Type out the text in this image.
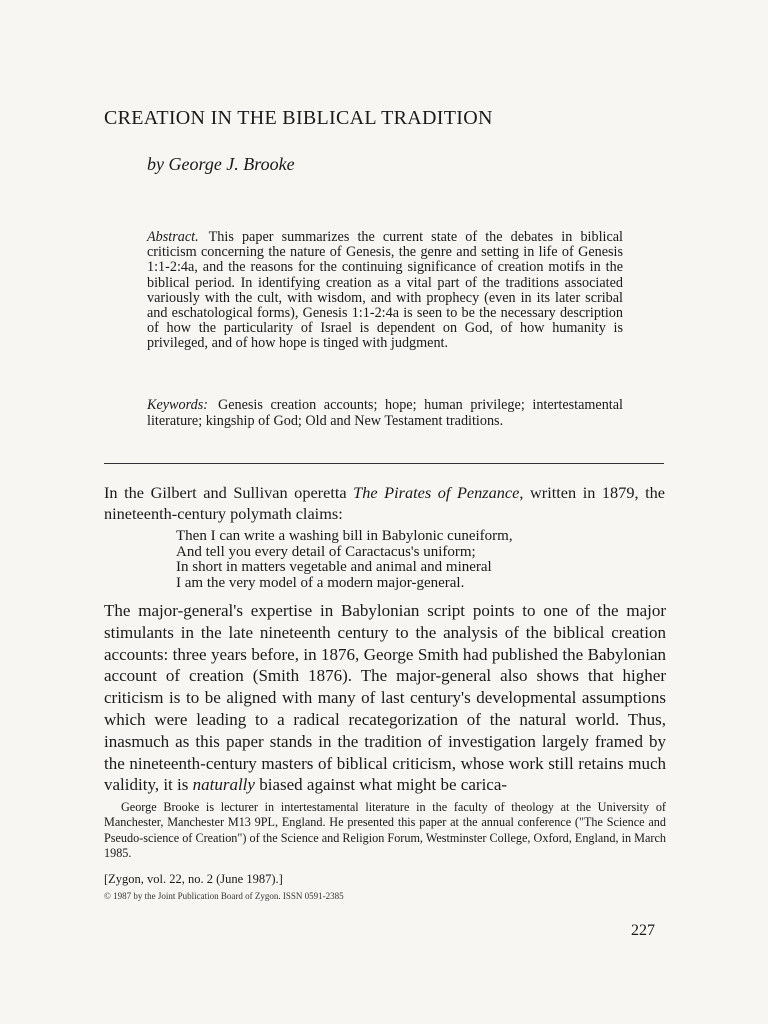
CREATION IN THE BIBLICAL TRADITION
by George J. Brooke
Abstract. This paper summarizes the current state of the debates in biblical criticism concerning the nature of Genesis, the genre and setting in life of Genesis 1:1-2:4a, and the reasons for the continuing significance of creation motifs in the biblical period. In identifying creation as a vital part of the traditions associated variously with the cult, with wisdom, and with prophecy (even in its later scribal and eschatological forms), Genesis 1:1-2:4a is seen to be the necessary description of how the particularity of Israel is dependent on God, of how humanity is privileged, and of how hope is tinged with judgment.
Keywords: Genesis creation accounts; hope; human privilege; intertestamental literature; kingship of God; Old and New Testament traditions.
In the Gilbert and Sullivan operetta The Pirates of Penzance, written in 1879, the nineteenth-century polymath claims:
Then I can write a washing bill in Babylonic cuneiform,
And tell you every detail of Caractacus's uniform;
In short in matters vegetable and animal and mineral
I am the very model of a modern major-general.
The major-general's expertise in Babylonian script points to one of the major stimulants in the late nineteenth century to the analysis of the biblical creation accounts: three years before, in 1876, George Smith had published the Babylonian account of creation (Smith 1876). The major-general also shows that higher criticism is to be aligned with many of last century's developmental assumptions which were leading to a radical recategorization of the natural world. Thus, inasmuch as this paper stands in the tradition of investigation largely framed by the nineteenth-century masters of biblical criticism, whose work still retains much validity, it is naturally biased against what might be carica-
George Brooke is lecturer in intertestamental literature in the faculty of theology at the University of Manchester, Manchester M13 9PL, England. He presented this paper at the annual conference ("The Science and Pseudo-science of Creation") of the Science and Religion Forum, Westminster College, Oxford, England, in March 1985.
[Zygon, vol. 22, no. 2 (June 1987).]
© 1987 by the Joint Publication Board of Zygon. ISSN 0591-2385
227
